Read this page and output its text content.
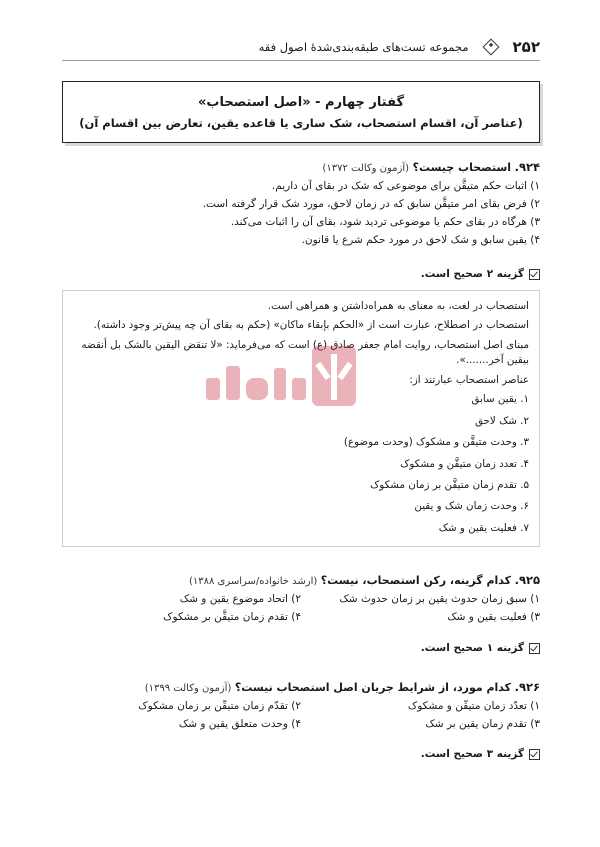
۲۵۲
مجموعه تست‌های طبقه‌بندی‌شدهٔ اصول فقه
گفتار چهارم - «اصل استصحاب»
(عناصر آن، اقسام استصحاب، شک ساری یا قاعده یقین، تعارض بین اقسام آن)
۹۲۴. استصحاب چیست؟ (آزمون وکالت ۱۳۷۲)
۱) اثبات حکم متیقَّن برای موضوعی که شک در بقای آن داریم.
۲) فرض بقای امر متیقَّن سابق که در زمان لاحق، مورد شک قرار گرفته است.
۳) هرگاه در بقای حکم یا موضوعی تردید شود، بقای آن را اثبات می‌کند.
۴) یقین سابق و شک لاحق در مورد حکم شرع یا قانون.
گزینه ۲ صحیح است.

استصحاب در لغت، به معنای به همراه‌داشتن و همراهی است.

استصحاب در اصطلاح، عبارت است از «الحکم بإبقاء ماکان» (حکم به بقای آن چه پیش‌تر وجود داشته).

مبنای اصل استصحاب، روایت امام جعفر صادق (ع) است که می‌فرماید: «لا تنقض الیقین بالشک بل أنقضه بیقین آخر.......».

عناصر استصحاب عبارتند از:

۱. یقین سابق
۲. شک لاحق
۳. وحدت متیقَّن و مشکوک (وحدت موضوع)
۴. تعدد زمان متیقَّن و مشکوک
۵. تقدم زمان متیقَّن بر زمان مشکوک
۶. وحدت زمان شک و یقین
۷. فعلیت یقین و شک
۹۲۵. کدام گزینه، رکن استصحاب، نیست؟ (ارشد خانواده/سراسری ۱۳۸۸)
۱) سبق زمان حدوث یقین بر زمان حدوث شک
۲) اتحاد موضوع یقین و شک
۳) فعلیت یقین و شک
۴) تقدم زمان متیقَّن بر مشکوک
گزینه ۱ صحیح است.
۹۲۶. کدام مورد، از شرایط جریان اصل استصحاب نیست؟ (آزمون وکالت ۱۳۹۹)
۱) تعدّد زمان متیقّن و مشکوک
۲) تقدّم زمان متیقّن بر زمان مشکوک
۳) تقدم زمان یقین بر شک
۴) وحدت متعلق یقین و شک
گزینه ۳ صحیح است.
